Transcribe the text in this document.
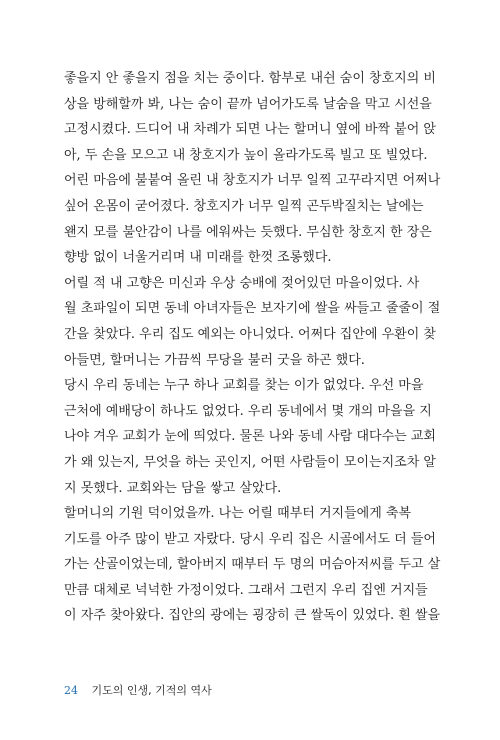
좋을지 안 좋을지 점을 치는 중이다. 함부로 내쉰 숨이 창호지의 비
상을 방해할까 봐, 나는 숨이 끝까 넘어가도록 날숨을 막고 시선을
고정시켰다. 드디어 내 차례가 되면 나는 할머니 옆에 바짝 붙어 앉
아, 두 손을 모으고 내 창호지가 높이 올라가도록 빌고 또 빌었다.
어린 마음에 불붙여 올린 내 창호지가 너무 일찍 고꾸라지면 어쩌나
싶어 온몸이 굳어졌다. 창호지가 너무 일찍 곤두박질치는 날에는
왠지 모를 불안감이 나를 에워싸는 듯했다. 무심한 창호지 한 장은
향방 없이 너울거리며 내 미래를 한껏 조롱했다.
어릴 적 내 고향은 미신과 우상 숭배에 젖어있던 마을이었다. 사
월 초파일이 되면 동네 아녀자들은 보자기에 쌀을 싸들고 줄줄이 절
간을 찾았다. 우리 집도 예외는 아니었다. 어쩌다 집안에 우환이 찾
아들면, 할머니는 가끔씩 무당을 불러 굿을 하곤 했다.
당시 우리 동네는 누구 하나 교회를 찾는 이가 없었다. 우선 마을
근처에 예배당이 하나도 없었다. 우리 동네에서 몇 개의 마을을 지
나야 겨우 교회가 눈에 띄었다. 물론 나와 동네 사람 대다수는 교회
가 왜 있는지, 무엇을 하는 곳인지, 어떤 사람들이 모이는지조차 알
지 못했다. 교회와는 담을 쌓고 살았다.
할머니의 기원 덕이었을까. 나는 어릴 때부터 거지들에게 축복
기도를 아주 많이 받고 자랐다. 당시 우리 집은 시골에서도 더 들어
가는 산골이었는데, 할아버지 때부터 두 명의 머슴아저씨를 두고 살
만큼 대체로 넉넉한 가정이었다. 그래서 그런지 우리 집엔 거지들
이 자주 찾아왔다. 집안의 광에는 굉장히 큰 쌀독이 있었다. 흰 쌀을
24 기도의 인생, 기적의 역사
